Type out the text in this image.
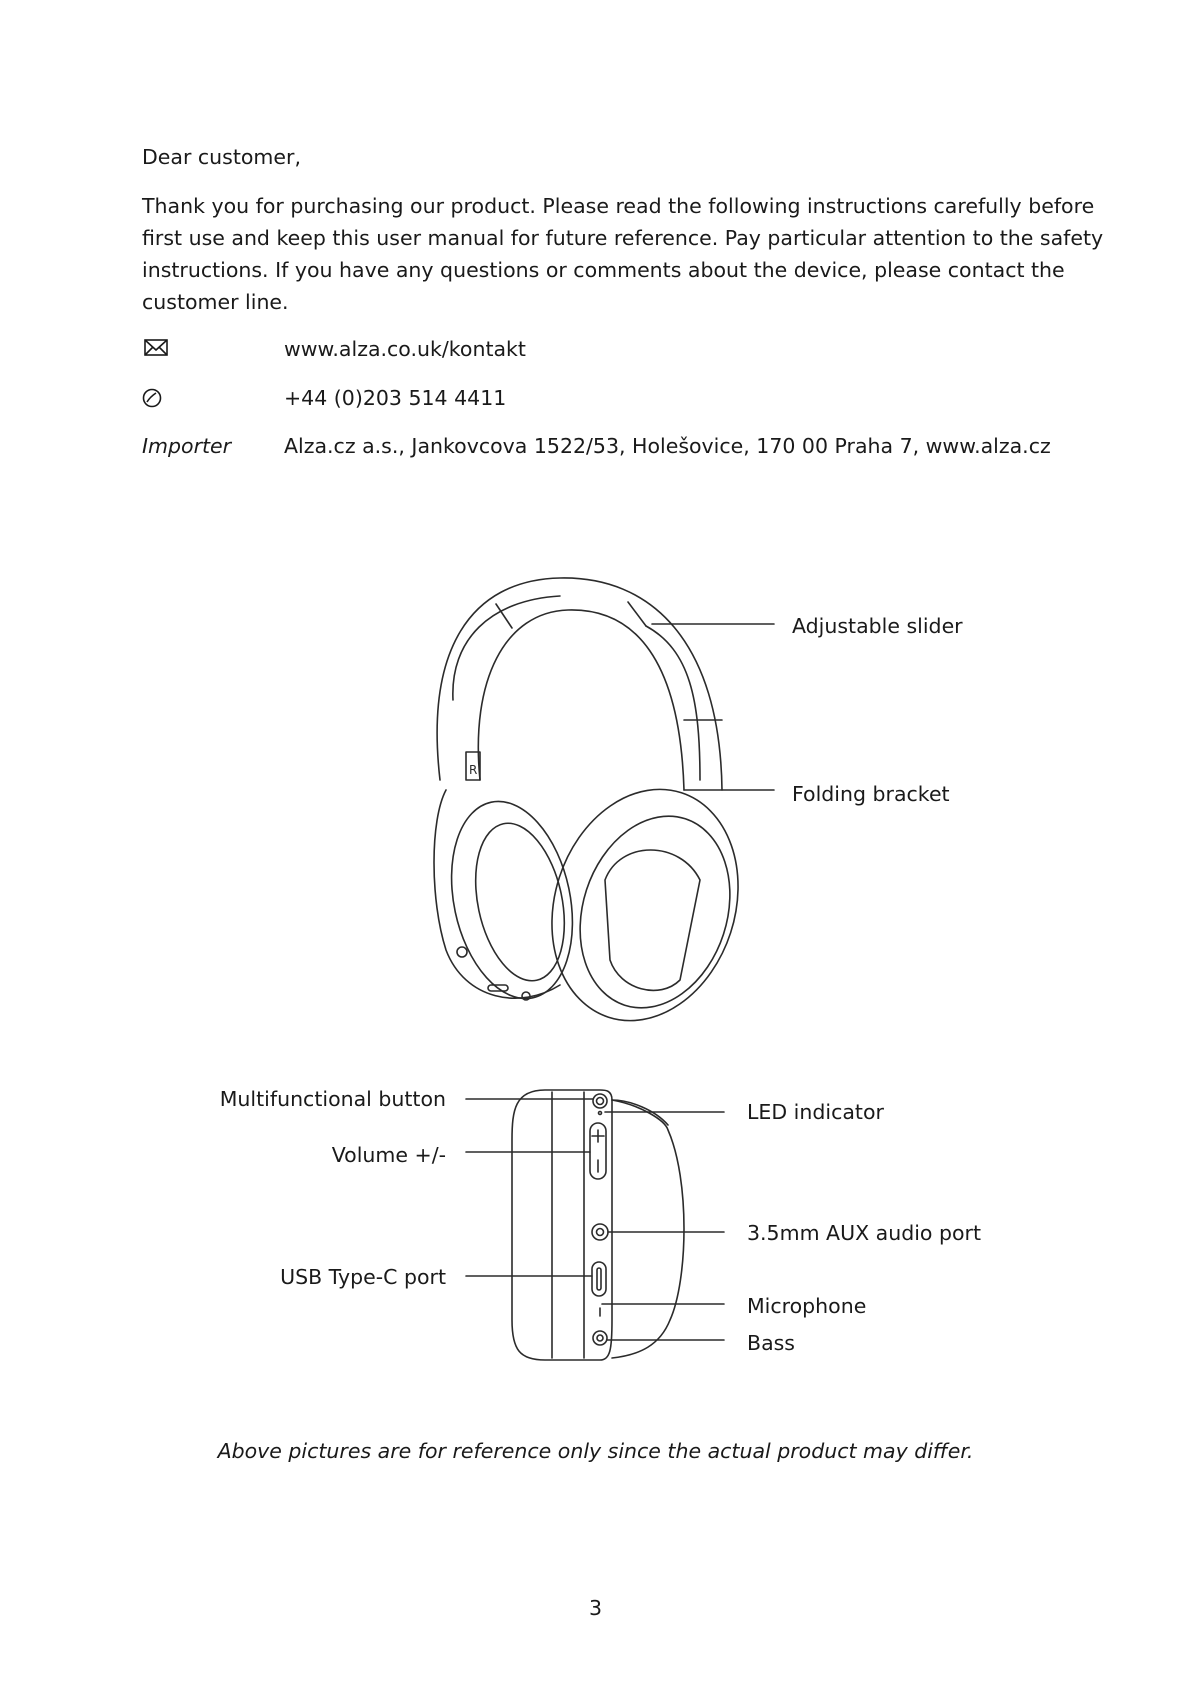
Dear customer,
Thank you for purchasing our product. Please read the following instructions carefully before
first use and keep this user manual for future reference. Pay particular attention to the safety
instructions. If you have any questions or comments about the device, please contact the
customer line.
www.alza.co.uk/kontakt
+44 (0)203 514 4411
Importer	Alza.cz a.s., Jankovcova 1522/53, Holešovice, 170 00 Praha 7, www.alza.cz
R
Adjustable slider
Folding bracket
Multifunctional button
Volume +/-
USB Type-C port
LED indicator
3.5mm AUX audio port
Microphone
Bass
Above pictures are for reference only since the actual product may differ.
3
